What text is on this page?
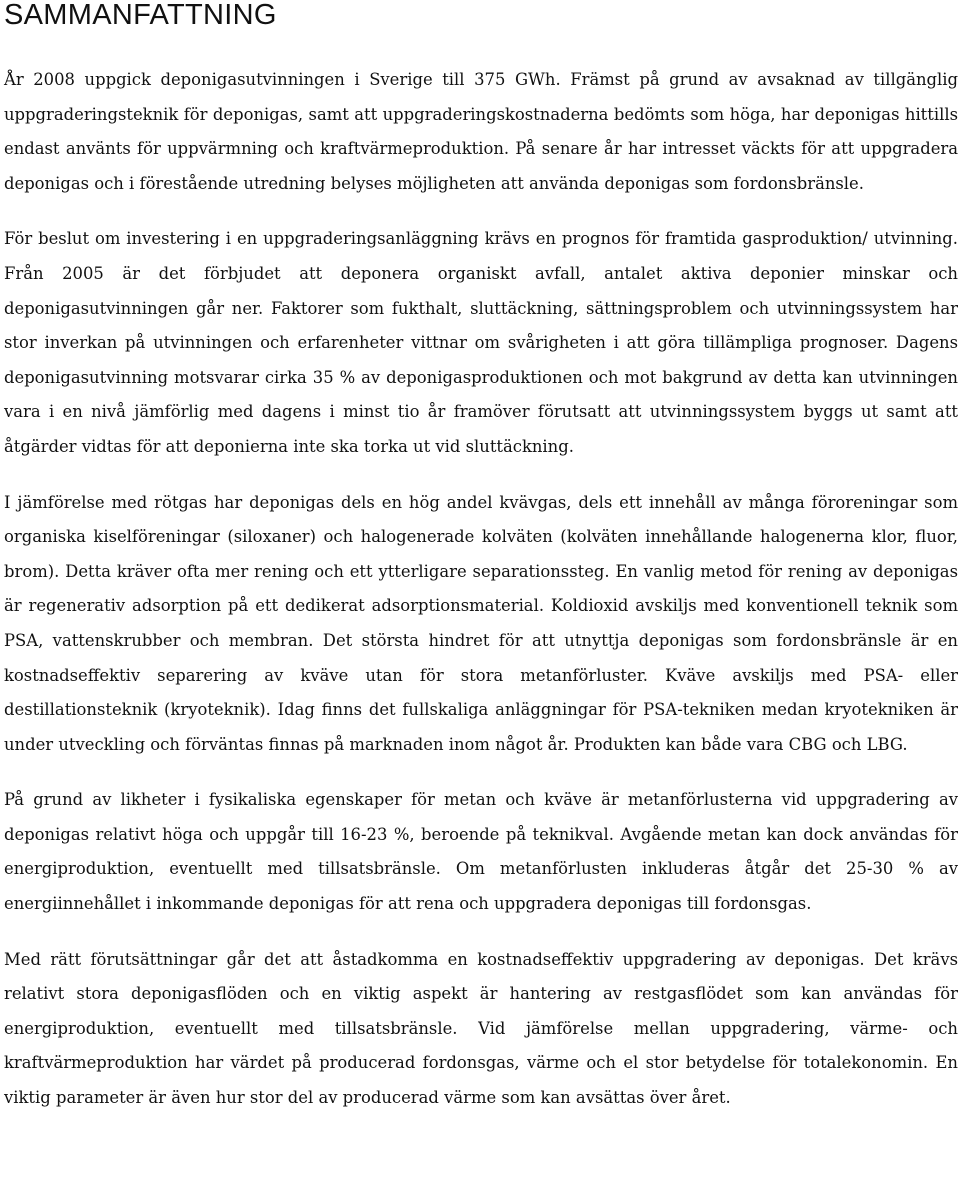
SAMMANFATTNING

År 2008 uppgick deponigasutvinningen i Sverige till 375 GWh. Främst på grund av avsaknad av tillgänglig uppgraderingsteknik för deponigas, samt att uppgraderingskostnaderna bedömts som höga, har deponigas hittills endast använts för uppvärmning och kraftvärmeproduktion. På senare år har intresset väckts för att uppgradera deponigas och i förestående utredning belyses möjligheten att använda deponigas som fordonsbränsle.

För beslut om investering i en uppgraderingsanläggning krävs en prognos för framtida gasproduktion/ utvinning. Från 2005 är det förbjudet att deponera organiskt avfall, antalet aktiva deponier minskar och deponigasutvinningen går ner. Faktorer som fukthalt, sluttäckning, sättningsproblem och utvinningssystem har stor inverkan på utvinningen och erfarenheter vittnar om svårigheten i att göra tillämpliga prognoser. Dagens deponigasutvinning motsvarar cirka 35 % av deponigasproduktionen och mot bakgrund av detta kan utvinningen vara i en nivå jämförlig med dagens i minst tio år framöver förutsatt att utvinningssystem byggs ut samt att åtgärder vidtas för att deponierna inte ska torka ut vid sluttäckning.

I jämförelse med rötgas har deponigas dels en hög andel kvävgas, dels ett innehåll av många föroreningar som organiska kiselföreningar (siloxaner) och halogenerade kolväten (kolväten innehållande halogenerna klor, fluor, brom). Detta kräver ofta mer rening och ett ytterligare separationssteg. En vanlig metod för rening av deponigas är regenerativ adsorption på ett dedikerat adsorptionsmaterial. Koldioxid avskiljs med konventionell teknik som PSA, vattenskrubber och membran. Det största hindret för att utnyttja deponigas som fordonsbränsle är en kostnadseffektiv separering av kväve utan för stora metanförluster. Kväve avskiljs med PSA- eller destillationsteknik (kryoteknik). Idag finns det fullskaliga anläggningar för PSA-tekniken medan kryotekniken är under utveckling och förväntas finnas på marknaden inom något år. Produkten kan både vara CBG och LBG.

På grund av likheter i fysikaliska egenskaper för metan och kväve är metanförlusterna vid uppgradering av deponigas relativt höga och uppgår till 16-23 %, beroende på teknikval. Avgående metan kan dock användas för energiproduktion, eventuellt med tillsatsbränsle. Om metanförlusten inkluderas åtgår det 25-30 % av energiinnehållet i inkommande deponigas för att rena och uppgradera deponigas till fordonsgas.

Med rätt förutsättningar går det att åstadkomma en kostnadseffektiv uppgradering av deponigas. Det krävs relativt stora deponigasflöden och en viktig aspekt är hantering av restgasflödet som kan användas för energiproduktion, eventuellt med tillsatsbränsle. Vid jämförelse mellan uppgradering, värme- och kraftvärmeproduktion har värdet på producerad fordonsgas, värme och el stor betydelse för totalekonomin. En viktig parameter är även hur stor del av producerad värme som kan avsättas över året.
